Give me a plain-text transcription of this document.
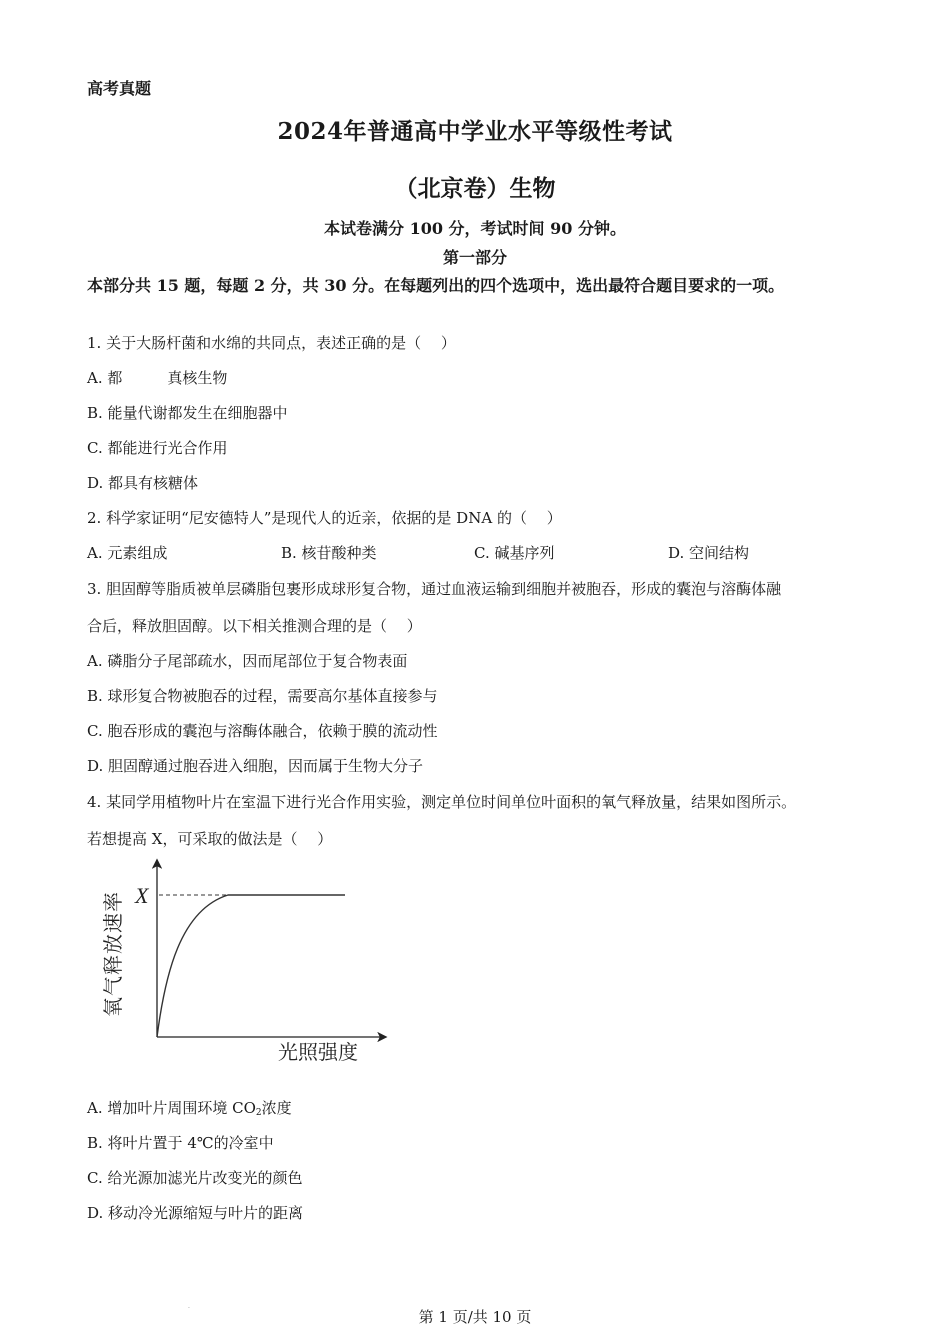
高考真题
2024年普通高中学业水平等级性考试
（北京卷）生物
本试卷满分 100 分，考试时间 90 分钟。
第一部分
本部分共 15 题，每题 2 分，共 30 分。在每题列出的四个选项中，选出最符合题目要求的一项。
1. 关于大肠杆菌和水绵的共同点，表述正确的是（　 ）
A. 都　　　真核生物
B. 能量代谢都发生在细胞器中
C. 都能进行光合作用
D. 都具有核糖体
2. 科学家证明“尼安德特人”是现代人的近亲，依据的是 DNA 的（　 ）
A. 元素组成	B. 核苷酸种类	C. 碱基序列	D. 空间结构
3. 胆固醇等脂质被单层磷脂包裹形成球形复合物，通过血液运输到细胞并被胞吞，形成的囊泡与溶酶体融
合后，释放胆固醇。以下相关推测合理的是（　 ）
A. 磷脂分子尾部疏水，因而尾部位于复合物表面
B. 球形复合物被胞吞的过程，需要高尔基体直接参与
C. 胞吞形成的囊泡与溶酶体融合，依赖于膜的流动性
D. 胆固醇通过胞吞进入细胞，因而属于生物大分子
4. 某同学用植物叶片在室温下进行光合作用实验，测定单位时间单位叶面积的氧气释放量，结果如图所示。
若想提高 X，可采取的做法是（　 ）
X
氧气释放速率
光照强度
A. 增加叶片周围环境 $CO_2$浓度
B. 将叶片置于 4℃的冷室中
C. 给光源加滤光片改变光的颜色
D. 移动冷光源缩短与叶片的距离
.
第 1 页/共 10 页
